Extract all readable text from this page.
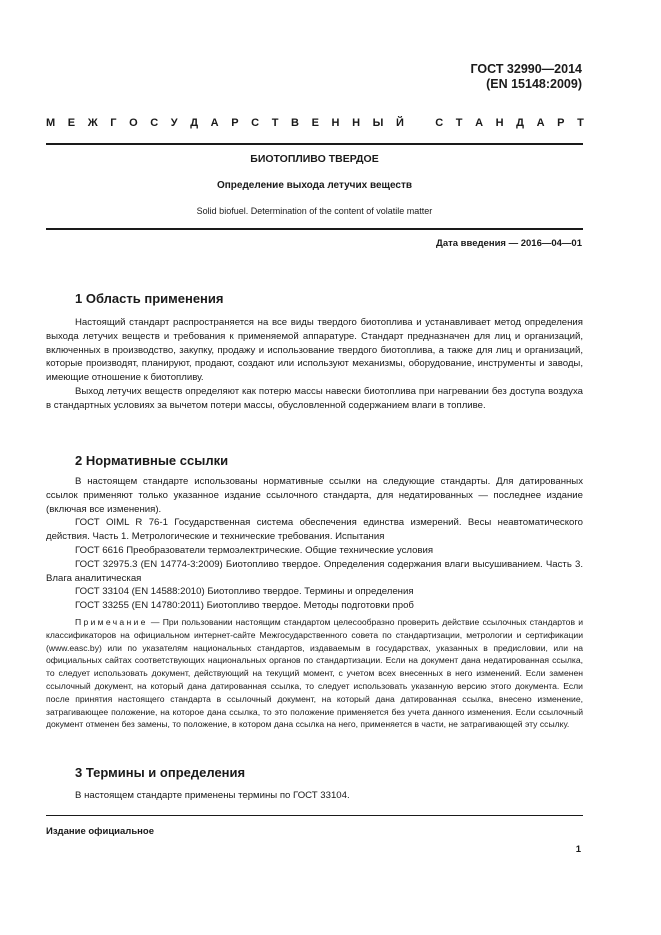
ГОСТ 32990—2014
(EN 15148:2009)
М Е Ж Г О С У Д А Р С Т В Е Н Н Ы Й
	С Т А Н Д А Р Т
БИОТОПЛИВО ТВЕРДОЕ
Определение выхода летучих веществ
Solid biofuel. Determination of the content of volatile matter
Дата введения — 2016—04—01
1 Область применения

Настоящий стандарт распространяется на все виды твердого биотоплива и устанавливает метод определения выхода летучих веществ и требования к применяемой аппаратуре. Стандарт предназначен для лиц и организаций, включенных в производство, закупку, продажу и использование твердого биотоплива, а также для лиц и организаций, которые производят, планируют, продают, создают или используют механизмы, оборудование, инструменты и заводы, имеющие отношение к биотопливу.

Выход летучих веществ определяют как потерю массы навески биотоплива при нагревании без доступа воздуха в стандартных условиях за вычетом потери массы, обусловленной содержанием влаги в топливе.

2 Нормативные ссылки

В настоящем стандарте использованы нормативные ссылки на следующие стандарты. Для датированных ссылок применяют только указанное издание ссылочного стандарта, для недатированных — последнее издание (включая все изменения).

ГОСТ OIML R 76-1 Государственная система обеспечения единства измерений. Весы неавтоматического действия. Часть 1. Метрологические и технические требования. Испытания

ГОСТ 6616 Преобразователи термоэлектрические. Общие технические условия

ГОСТ 32975.3 (EN 14774-3:2009) Биотопливо твердое. Определения содержания влаги высушиванием. Часть 3. Влага аналитическая

ГОСТ 33104 (EN 14588:2010) Биотопливо твердое. Термины и определения

ГОСТ 33255 (EN 14780:2011) Биотопливо твердое. Методы подготовки проб

Примечание — При пользовании настоящим стандартом целесообразно проверить действие ссылочных стандартов и классификаторов на официальном интернет-сайте Межгосударственного совета по стандартизации, метрологии и сертификации (www.easc.by) или по указателям национальных стандартов, издаваемым в государствах, указанных в предисловии, или на официальных сайтах соответствующих национальных органов по стандартизации. Если на документ дана недатированная ссылка, то следует использовать документ, действующий на текущий момент, с учетом всех внесенных в него изменений. Если заменен ссылочный документ, на который дана датированная ссылка, то следует использовать указанную версию этого документа. Если после принятия настоящего стандарта в ссылочный документ, на который дана датированная ссылка, внесено изменение, затрагивающее положение, на которое дана ссылка, то это положение применяется без учета данного изменения. Если ссылочный документ отменен без замены, то положение, в котором дана ссылка на него, применяется в части, не затрагивающей эту ссылку.

3 Термины и определения

В настоящем стандарте применены термины по ГОСТ 33104.

Издание официальное
1
